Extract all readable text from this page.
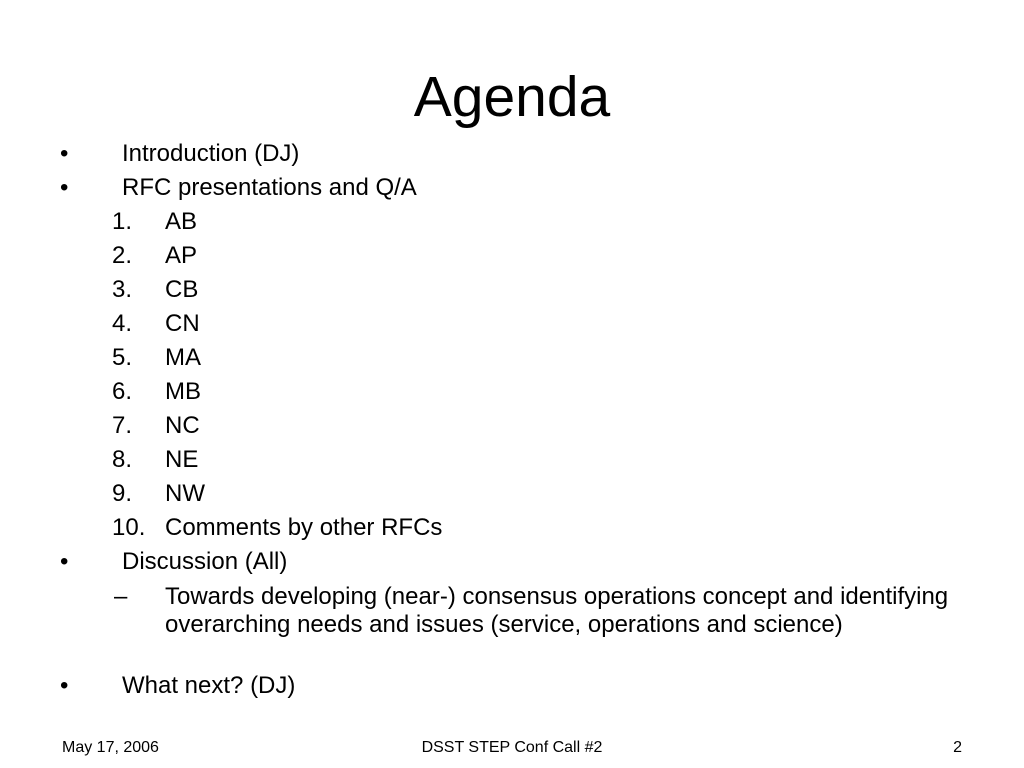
Agenda
• Introduction (DJ)
• RFC presentations and Q/A
1. AB
2. AP
3. CB
4. CN
5. MA
6. MB
7. NC
8. NE
9. NW
10. Comments by other RFCs
• Discussion (All)
– Towards developing (near-) consensus operations concept and identifying overarching needs and issues (service, operations and science)
• What next? (DJ)
May 17, 2006	DSST STEP Conf Call #2	2
